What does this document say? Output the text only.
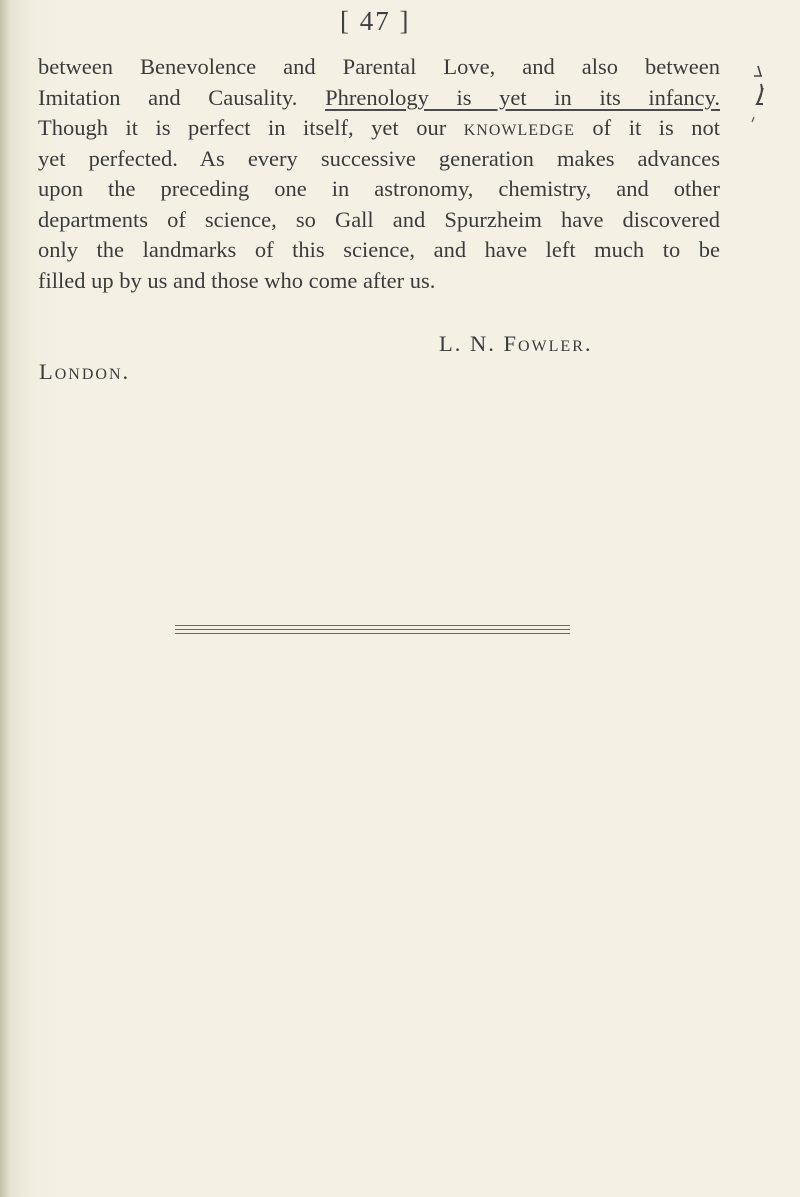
[ 47 ]

between Benevolence and Parental Love, and also between

Imitation and Causality. Phrenology is yet in its infancy.

Though it is perfect in itself, yet our knowledge of it is not

yet perfected. As every successive generation makes advances

upon the preceding one in astronomy, chemistry, and other

departments of science, so Gall and Spurzheim have discovered

only the landmarks of this science, and have left much to be

filled up by us and those who come after us.

L. N. Fowler.
London.
